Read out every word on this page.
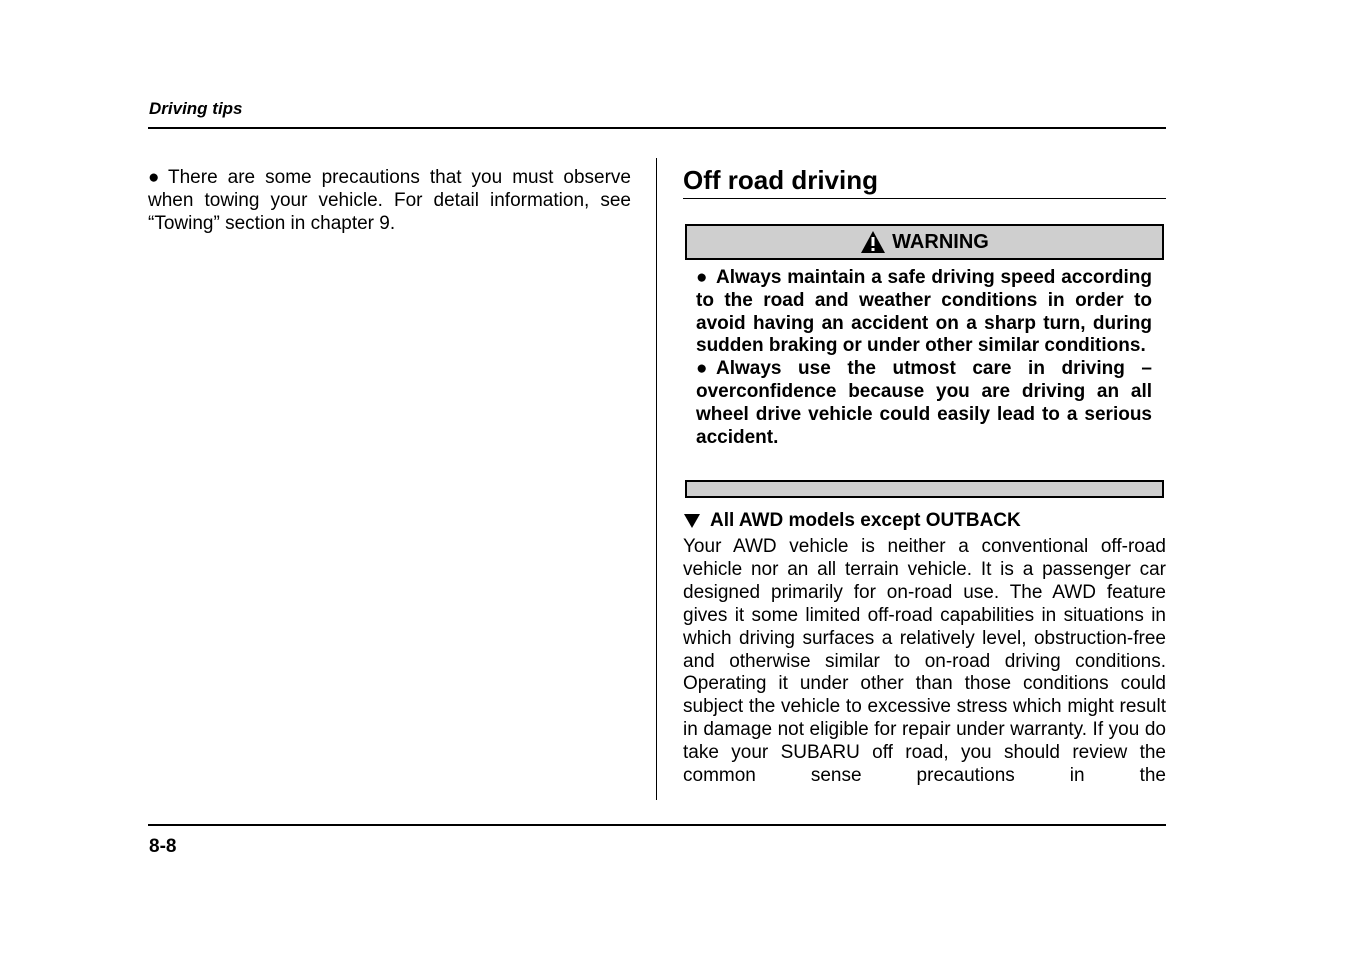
Driving tips
● There are some precautions that you must observe when towing your vehicle. For detail information, see “Towing” section in chapter 9.
Off road driving
WARNING

● Always maintain a safe driving speed according to the road and weather conditions in order to avoid having an accident on a sharp turn, during sudden braking or under other similar conditions.

● Always use the utmost care in driving – overconfidence because you are driving an all wheel drive vehicle could easily lead to a serious accident.

All AWD models except OUTBACK
Your AWD vehicle is neither a conventional off-road vehicle nor an all terrain vehicle. It is a passenger car designed primarily for on-road use. The AWD feature gives it some limited off-road capabilities in situations in which driving surfaces a relatively level, obstruction-free and otherwise similar to on-road driving conditions. Operating it under other than those conditions could subject the vehicle to excessive stress which might result in damage not eligible for repair under warranty. If you do take your SUBARU off road, you should review the common sense precautions in the
8-8
